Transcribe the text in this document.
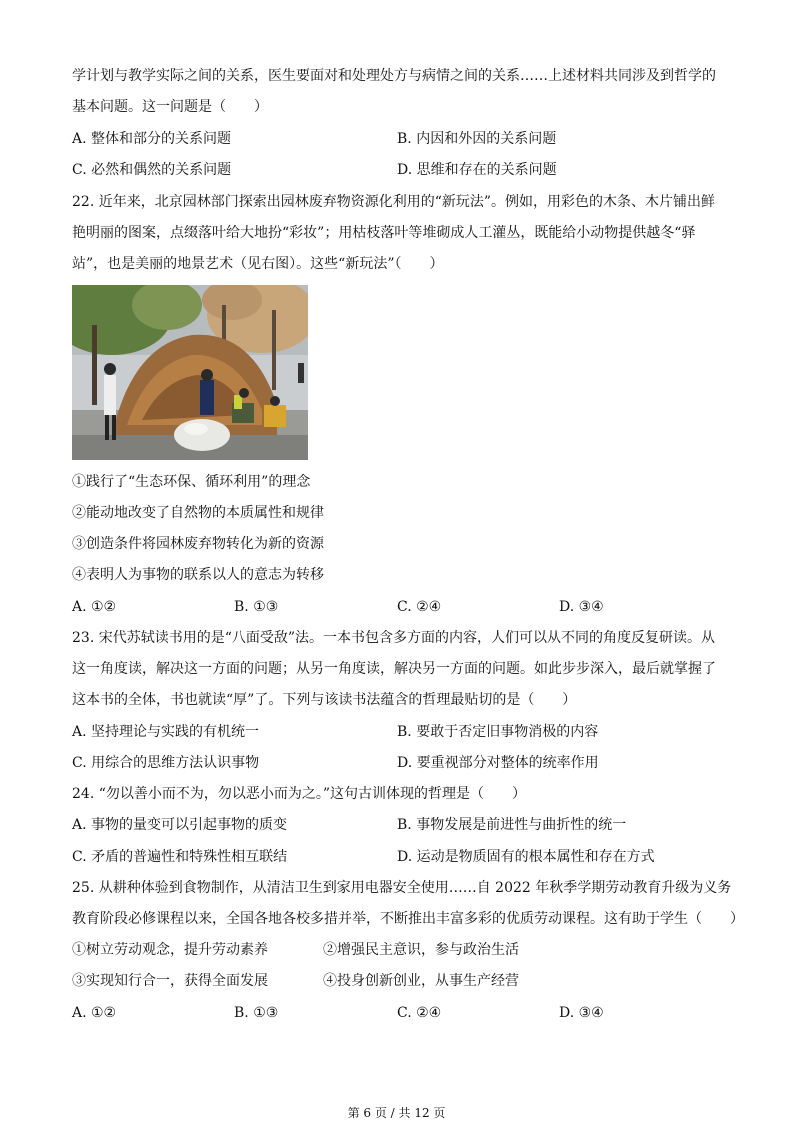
学计划与教学实际之间的关系，医生要面对和处理处方与病情之间的关系……上述材料共同涉及到哲学的
基本问题。这一问题是（　　）
A. 整体和部分的关系问题	B. 内因和外因的关系问题
C. 必然和偶然的关系问题	D. 思维和存在的关系问题
22. 近年来，北京园林部门探索出园林废弃物资源化利用的“新玩法”。例如，用彩色的木条、木片铺出鲜
艳明丽的图案，点缀落叶给大地扮“彩妆”；用枯枝落叶等堆砌成人工灌丛，既能给小动物提供越冬“驿
站”，也是美丽的地景艺术（见右图）。这些“新玩法”（　　）
①践行了“生态环保、循环利用”的理念
②能动地改变了自然物的本质属性和规律
③创造条件将园林废弃物转化为新的资源
④表明人为事物的联系以人的意志为转移
A. ①②	B. ①③	C. ②④	D. ③④
23. 宋代苏轼读书用的是“八面受敌”法。一本书包含多方面的内容，人们可以从不同的角度反复研读。从
这一角度读，解决这一方面的问题；从另一角度读，解决另一方面的问题。如此步步深入，最后就掌握了
这本书的全体，书也就读“厚”了。下列与该读书法蕴含的哲理最贴切的是（　　）
A. 坚持理论与实践的有机统一	B. 要敢于否定旧事物消极的内容
C. 用综合的思维方法认识事物	D. 要重视部分对整体的统率作用
24. “勿以善小而不为，勿以恶小而为之。”这句古训体现的哲理是（　　）
A. 事物的量变可以引起事物的质变	B. 事物发展是前进性与曲折性的统一
C. 矛盾的普遍性和特殊性相互联结	D. 运动是物质固有的根本属性和存在方式
25. 从耕种体验到食物制作，从清洁卫生到家用电器安全使用……自 2022 年秋季学期劳动教育升级为义务
教育阶段必修课程以来，全国各地各校多措并举，不断推出丰富多彩的优质劳动课程。这有助于学生（　　）
①树立劳动观念，提升劳动素养	②增强民主意识，参与政治生活
③实现知行合一，获得全面发展	④投身创新创业，从事生产经营
A. ①②	B. ①③	C. ②④	D. ③④
第 6 页 / 共 12 页
